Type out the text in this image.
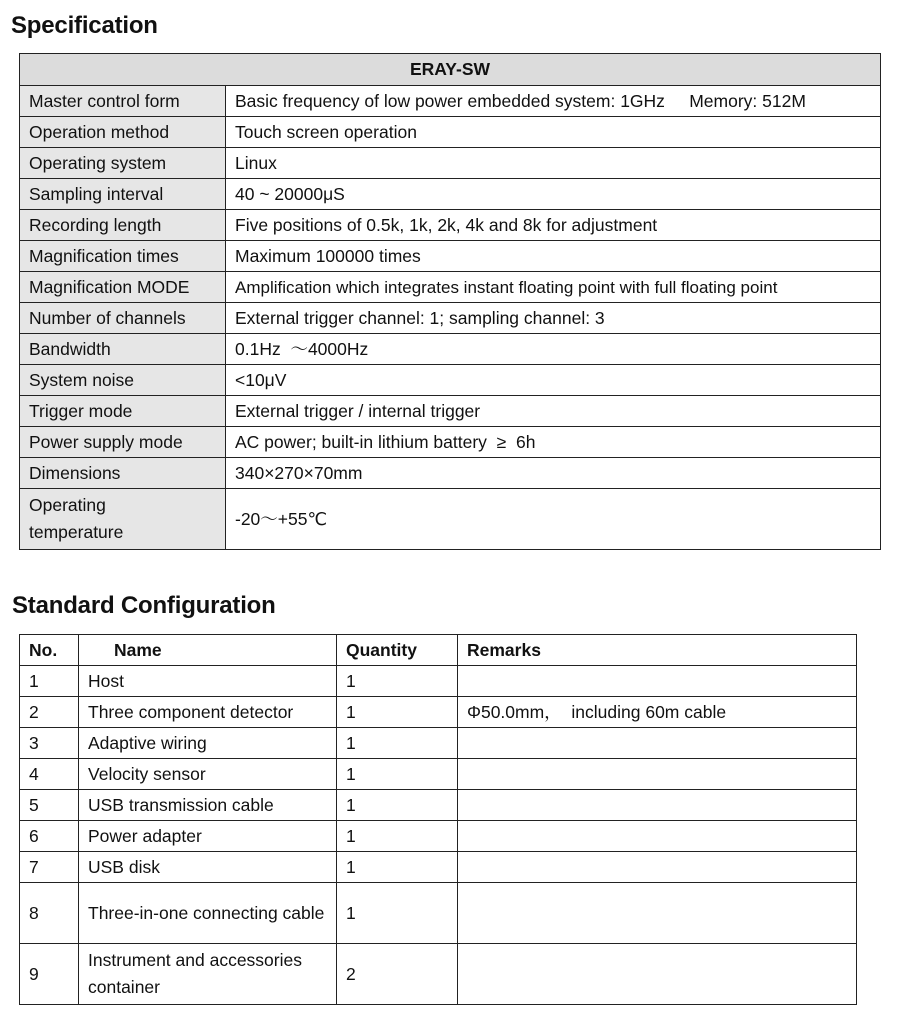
Specification
ERAY-SW	
Master control form	Basic frequency of low power embedded system: 1GHz     Memory: 512M
Operation method	Touch screen operation
Operating system	Linux
Sampling interval	40 ~ 20000μS
Recording length	Five positions of 0.5k, 1k, 2k, 4k and 8k for adjustment
Magnification times	Maximum 100000 times
Magnification MODE	Amplification which integrates instant floating point with full floating point
Number of channels	External trigger channel: 1; sampling channel: 3
Bandwidth	0.1Hz  ～4000Hz
System noise	<10μV
Trigger mode	External trigger / internal trigger
Power supply mode	AC power; built-in lithium battery  ≥  6h
Dimensions	340×270×70mm
Operating temperature	-20～+55℃
Standard Configuration
No.	Name	Quantity	Remarks
1	Host	1	
2	Three component detector	1	Φ50.0mm，  including 60m cable
3	Adaptive wiring	1	
4	Velocity sensor	1	
5	USB transmission cable	1	
6	Power adapter	1	
7	USB disk	1	
8	Three-in-one connecting cable	1	
9	Instrument and accessories container	2	
